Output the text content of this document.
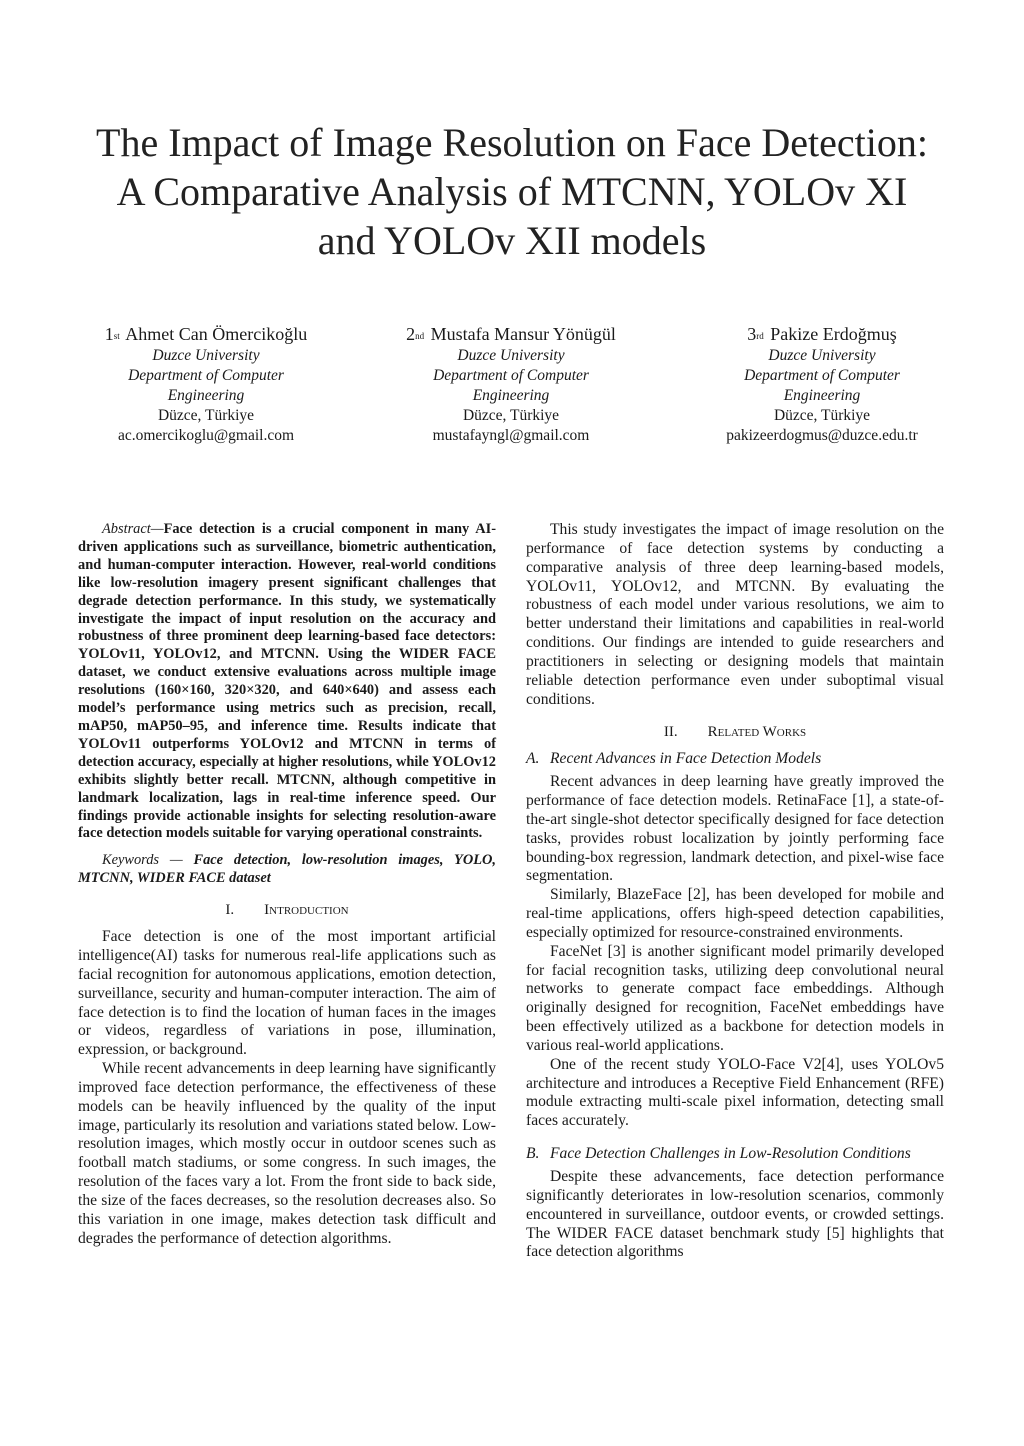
The Impact of Image Resolution on Face Detection:
A Comparative Analysis of MTCNN, YOLOv XI
and YOLOv XII models
1st Ahmet Can Ömercikoğlu
Duzce University
Department of Computer
Engineering
Düzce, Türkiye
ac.omercikoglu@gmail.com
2nd Mustafa Mansur Yönügül
Duzce University
Department of Computer
Engineering
Düzce, Türkiye
mustafayngl@gmail.com
3rd Pakize Erdoğmuş
Duzce University
Department of Computer
Engineering
Düzce, Türkiye
pakizeerdogmus@duzce.edu.tr

Abstract—Face detection is a crucial component in many AI-driven applications such as surveillance, biometric authentication, and human-computer interaction. However, real-world conditions like low-resolution imagery present significant challenges that degrade detection performance. In this study, we systematically investigate the impact of input resolution on the accuracy and robustness of three prominent deep learning-based face detectors: YOLOv11, YOLOv12, and MTCNN. Using the WIDER FACE dataset, we conduct extensive evaluations across multiple image resolutions (160×160, 320×320, and 640×640) and assess each model’s performance using metrics such as precision, recall, mAP50, mAP50–95, and inference time. Results indicate that YOLOv11 outperforms YOLOv12 and MTCNN in terms of detection accuracy, especially at higher resolutions, while YOLOv12 exhibits slightly better recall. MTCNN, although competitive in landmark localization, lags in real-time inference speed. Our findings provide actionable insights for selecting resolution-aware face detection models suitable for varying operational constraints.

Keywords — Face detection, low-resolution images, YOLO, MTCNN, WIDER FACE dataset

I. Introduction

Face detection is one of the most important artificial intelligence(AI) tasks for numerous real-life applications such as facial recognition for autonomous applications, emotion detection, surveillance, security and human-computer interaction. The aim of face detection is to find the location of human faces in the images or videos, regardless of variations in pose, illumination, expression, or background.

While recent advancements in deep learning have significantly improved face detection performance, the effectiveness of these models can be heavily influenced by the quality of the input image, particularly its resolution and variations stated below. Low-resolution images, which mostly occur in outdoor scenes such as football match stadiums, or some congress. In such images, the resolution of the faces vary a lot. From the front side to back side, the size of the faces decreases, so the resolution decreases also. So this variation in one image, makes detection task difficult and degrades the performance of detection algorithms.

This study investigates the impact of image resolution on the performance of face detection systems by conducting a comparative analysis of three deep learning-based models, YOLOv11, YOLOv12, and MTCNN. By evaluating the robustness of each model under various resolutions, we aim to better understand their limitations and capabilities in real-world conditions. Our findings are intended to guide researchers and practitioners in selecting or designing models that maintain reliable detection performance even under suboptimal visual conditions.

II. Related Works
A. Recent Advances in Face Detection Models

Recent advances in deep learning have greatly improved the performance of face detection models. RetinaFace [1], a state-of-the-art single-shot detector specifically designed for face detection tasks, provides robust localization by jointly performing face bounding-box regression, landmark detection, and pixel-wise face segmentation.

Similarly, BlazeFace [2], has been developed for mobile and real-time applications, offers high-speed detection capabilities, especially optimized for resource-constrained environments.

FaceNet [3] is another significant model primarily developed for facial recognition tasks, utilizing deep convolutional neural networks to generate compact face embeddings. Although originally designed for recognition, FaceNet embeddings have been effectively utilized as a backbone for detection models in various real-world applications.

One of the recent study YOLO-Face V2[4], uses YOLOv5 architecture and introduces a Receptive Field Enhancement (RFE) module extracting multi-scale pixel information, detecting small faces accurately.

B. Face Detection Challenges in Low-Resolution Conditions

Despite these advancements, face detection performance significantly deteriorates in low-resolution scenarios, commonly encountered in surveillance, outdoor events, or crowded settings. The WIDER FACE dataset benchmark study [5] highlights that face detection algorithms
